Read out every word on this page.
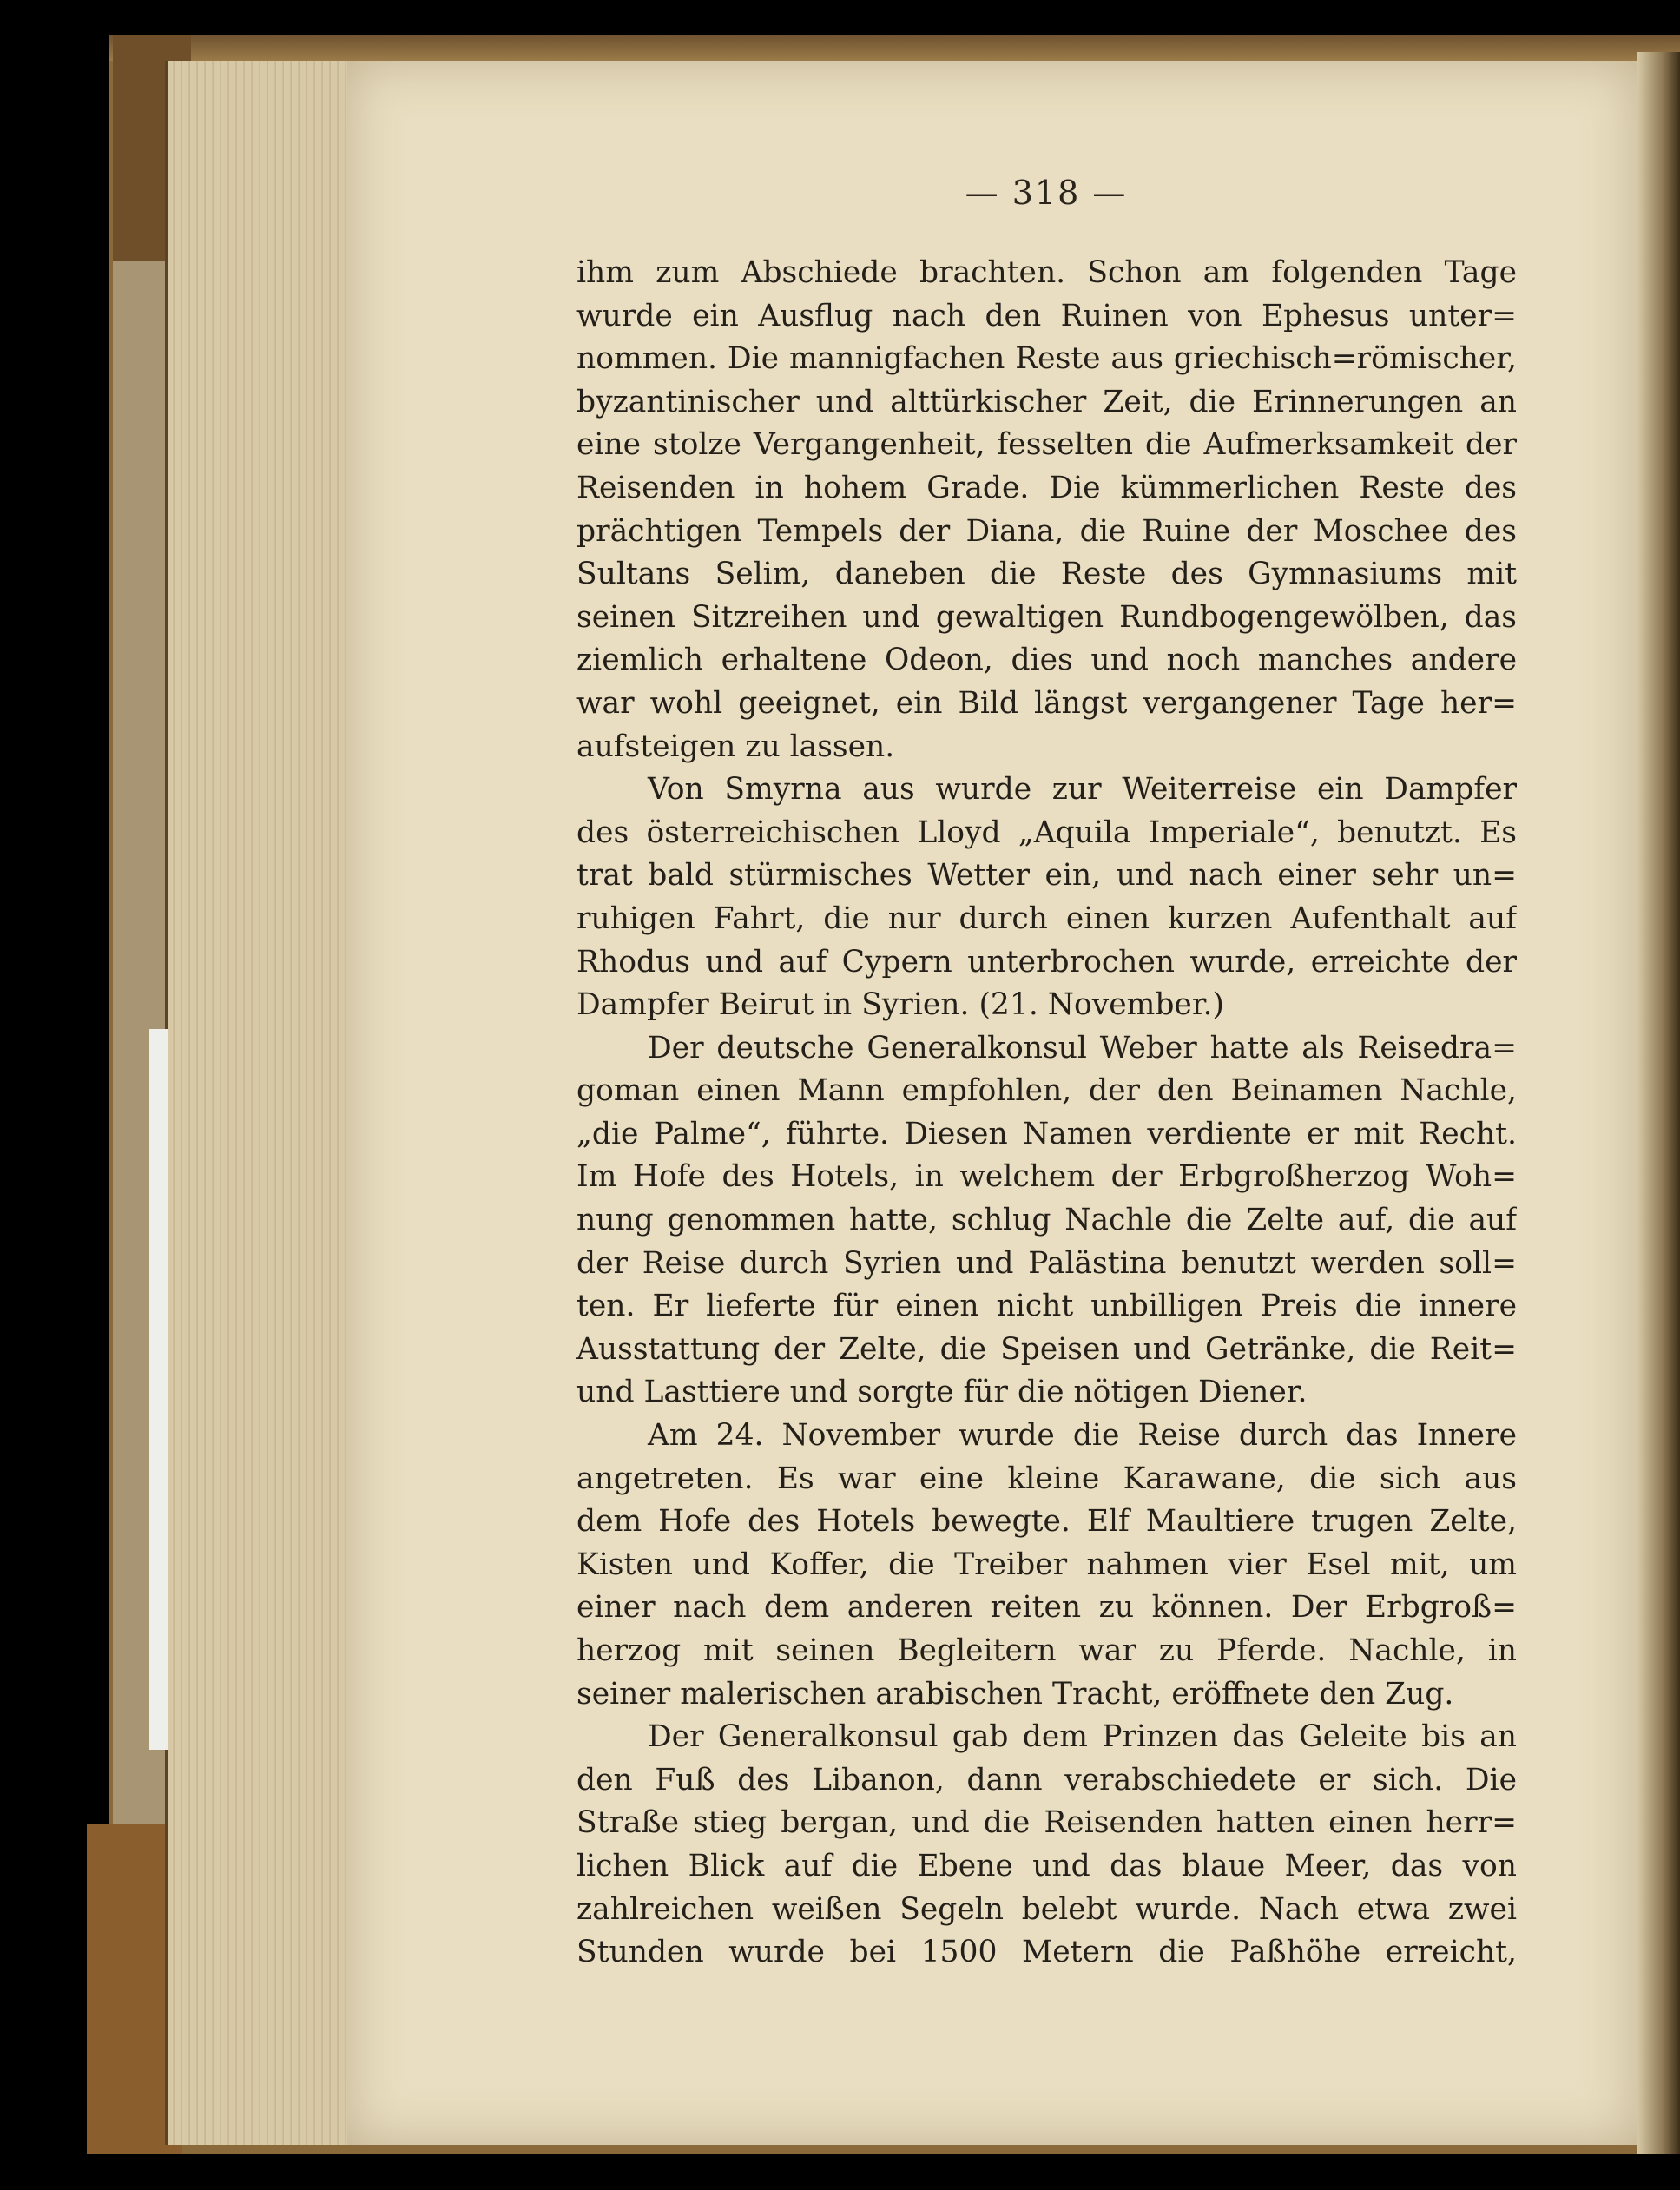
— 318 —
ihm zum Abschiede brachten. Schon am folgenden Tage
wurde ein Ausflug nach den Ruinen von Ephesus unter=
nommen. Die mannigfachen Reste aus griechisch=römischer,
byzantinischer und alttürkischer Zeit, die Erinnerungen an
eine stolze Vergangenheit, fesselten die Aufmerksamkeit der
Reisenden in hohem Grade. Die kümmerlichen Reste des
prächtigen Tempels der Diana, die Ruine der Moschee des
Sultans Selim, daneben die Reste des Gymnasiums mit
seinen Sitzreihen und gewaltigen Rundbogengewölben, das
ziemlich erhaltene Odeon, dies und noch manches andere
war wohl geeignet, ein Bild längst vergangener Tage her=
aufsteigen zu lassen.
Von Smyrna aus wurde zur Weiterreise ein Dampfer
des österreichischen Lloyd „Aquila Imperiale“, benutzt. Es
trat bald stürmisches Wetter ein, und nach einer sehr un=
ruhigen Fahrt, die nur durch einen kurzen Aufenthalt auf
Rhodus und auf Cypern unterbrochen wurde, erreichte der
Dampfer Beirut in Syrien. (21. November.)
Der deutsche Generalkonsul Weber hatte als Reisedra=
goman einen Mann empfohlen, der den Beinamen Nachle,
„die Palme“, führte. Diesen Namen verdiente er mit Recht.
Im Hofe des Hotels, in welchem der Erbgroßherzog Woh=
nung genommen hatte, schlug Nachle die Zelte auf, die auf
der Reise durch Syrien und Palästina benutzt werden soll=
ten. Er lieferte für einen nicht unbilligen Preis die innere
Ausstattung der Zelte, die Speisen und Getränke, die Reit=
und Lasttiere und sorgte für die nötigen Diener.
Am 24. November wurde die Reise durch das Innere
angetreten. Es war eine kleine Karawane, die sich aus
dem Hofe des Hotels bewegte. Elf Maultiere trugen Zelte,
Kisten und Koffer, die Treiber nahmen vier Esel mit, um
einer nach dem anderen reiten zu können. Der Erbgroß=
herzog mit seinen Begleitern war zu Pferde. Nachle, in
seiner malerischen arabischen Tracht, eröffnete den Zug.
Der Generalkonsul gab dem Prinzen das Geleite bis an
den Fuß des Libanon, dann verabschiedete er sich. Die
Straße stieg bergan, und die Reisenden hatten einen herr=
lichen Blick auf die Ebene und das blaue Meer, das von
zahlreichen weißen Segeln belebt wurde. Nach etwa zwei
Stunden wurde bei 1500 Metern die Paßhöhe erreicht,
